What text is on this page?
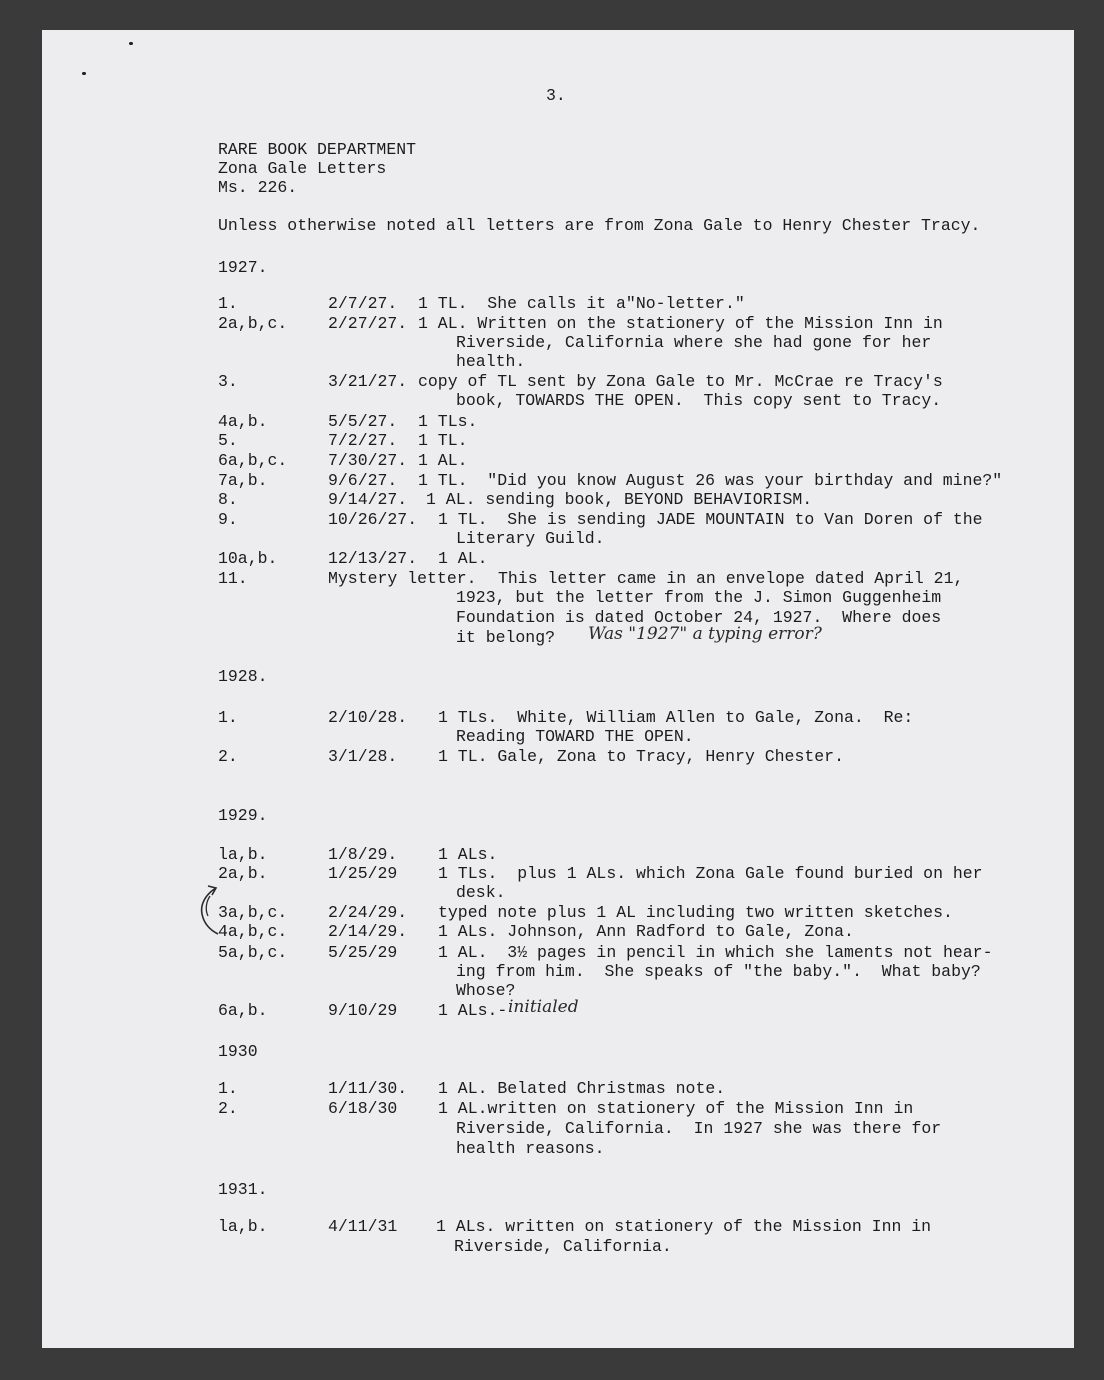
3.
RARE BOOK DEPARTMENT
Zona Gale Letters
Ms. 226.
Unless otherwise noted all letters are from Zona Gale to Henry Chester Tracy.
1927.
1.	2/7/27. 1 TL.  She calls it a"No-letter."
2a,b,c. 2/27/27. 1 AL. Written on the stationery of the Mission Inn in
Riverside, California where she had gone for her
health.
3.	3/21/27. copy of TL sent by Zona Gale to Mr. McCrae re Tracy's
book, TOWARDS THE OPEN.  This copy sent to Tracy.
4a,b.	5/5/27. 1 TLs.
5.	7/2/27. 1 TL.
6a,b,c. 7/30/27. 1 AL.
7a,b.	9/6/27. 1 TL.  "Did you know August 26 was your birthday and mine?"
8.	9/14/27. 1 AL. sending book, BEYOND BEHAVIORISM.
9.	10/26/27. 1 TL.  She is sending JADE MOUNTAIN to Van Doren of the
Literary Guild.
10a,b.	12/13/27. 1 AL.
11.	Mystery letter. This letter came in an envelope dated April 21,
1923, but the letter from the J. Simon Guggenheim
Foundation is dated October 24, 1927.  Where does
it belong? Was "1927" a typing error?
1928.
1.	2/10/28. 1 TLs.  White, William Allen to Gale, Zona.  Re:
Reading TOWARD THE OPEN.
2.	3/1/28. 1 TL. Gale, Zona to Tracy, Henry Chester.
1929.
la,b.	1/8/29. 1 ALs.
2a,b.	1/25/29 1 TLs.  plus 1 ALs. which Zona Gale found buried on her
desk.
3a,b,c. 2/24/29. typed note plus 1 AL including two written sketches.
4a,b,c. 2/14/29. 1 ALs. Johnson, Ann Radford to Gale, Zona.
5a,b,c. 5/25/29 1 AL.  3½ pages in pencil in which she laments not hear-
ing from him.  She speaks of "the baby.".  What baby?
Whose?
6a,b.	9/10/29 1 ALs.- initialed
1930
1.	1/11/30. 1 AL. Belated Christmas note.
2.	6/18/30 1 AL.written on stationery of the Mission Inn in
Riverside, California.  In 1927 she was there for
health reasons.
1931.
la,b.	4/11/31 1 ALs. written on stationery of the Mission Inn in
Riverside, California.
